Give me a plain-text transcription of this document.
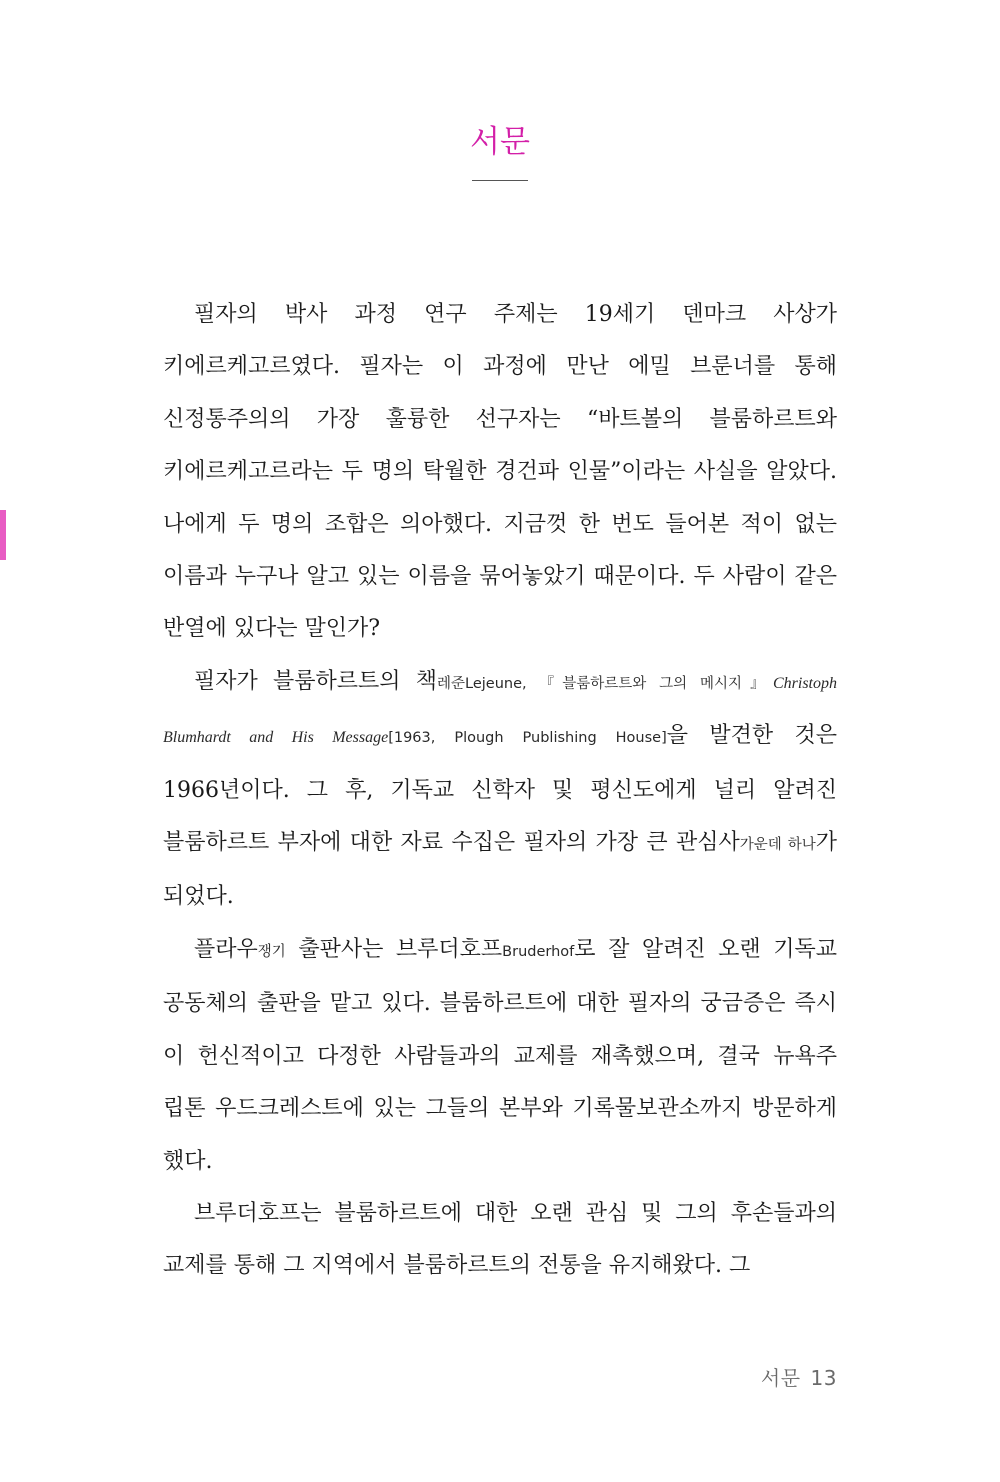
서문

필자의 박사 과정 연구 주제는 19세기 덴마크 사상가 키에르케고르였다. 필자는 이 과정에 만난 에밀 브룬너를 통해 신정통주의의 가장 훌륭한 선구자는 “바트볼의 블룸하르트와 키에르케고르라는 두 명의 탁월한 경건파 인물”이라는 사실을 알았다. 나에게 두 명의 조합은 의아했다. 지금껏 한 번도 들어본 적이 없는 이름과 누구나 알고 있는 이름을 묶어놓았기 때문이다. 두 사람이 같은 반열에 있다는 말인가?

필자가 블룸하르트의 책레준Lejeune, 『블룸하르트와 그의 메시지』Christoph Blumhardt and His Message[1963, Plough Publishing House]을 발견한 것은 1966년이다. 그 후, 기독교 신학자 및 평신도에게 널리 알려진 블룸하르트 부자에 대한 자료 수집은 필자의 가장 큰 관심사가운데 하나가 되었다.

플라우쟁기 출판사는 브루더호프Bruderhof로 잘 알려진 오랜 기독교 공동체의 출판을 맡고 있다. 블룸하르트에 대한 필자의 궁금증은 즉시 이 헌신적이고 다정한 사람들과의 교제를 재촉했으며, 결국 뉴욕주 립톤 우드크레스트에 있는 그들의 본부와 기록물보관소까지 방문하게 했다.

브루더호프는 블룸하르트에 대한 오랜 관심 및 그의 후손들과의 교제를 통해 그 지역에서 블룸하르트의 전통을 유지해왔다. 그

서문 13
